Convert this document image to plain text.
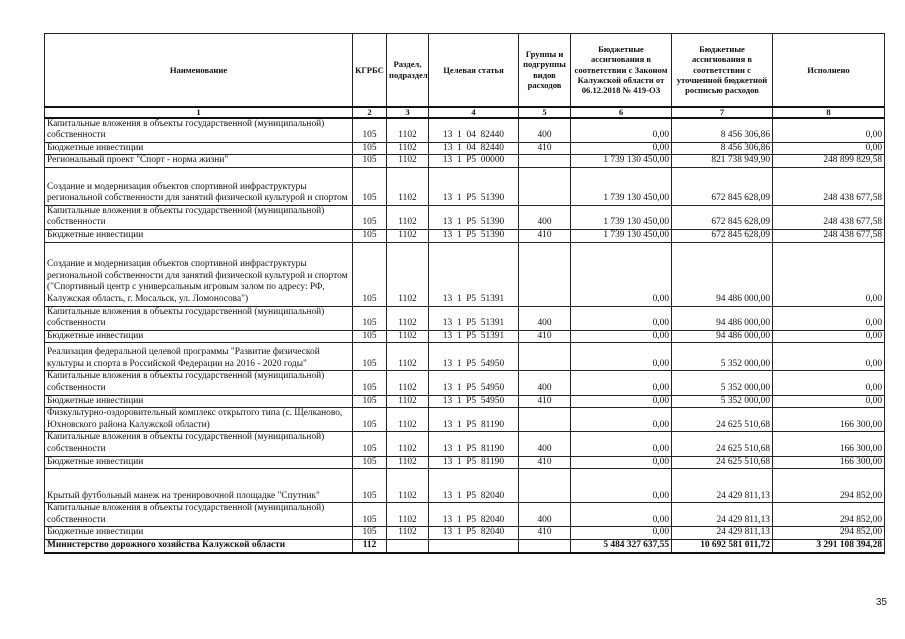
Наименование	КГРБС	Раздел, подраздел	Целевая статья	Группы и подгруппы видов расходов	Бюджетные ассигнования в соответствии с Законом Калужской области от 06.12.2018 № 419-ОЗ	Бюджетные ассигнования в соответствии с уточненной бюджетной росписью расходов	Исполнено
1	2	3	4	5	6	7	8
Капитальные вложения в объекты государственной (муниципальной) собственности	105	1102	13  1  04  82440	400	0,00	8 456 306,86	0,00
Бюджетные инвестиции	105	1102	13  1  04  82440	410	0,00	8 456 306,86	0,00
Региональный проект "Спорт - норма жизни"	105	1102	13  1  P5  00000		1 739 130 450,00	821 738 949,90	248 899 829,58
Создание и модернизация объектов спортивной инфраструктуры региональной собственности для занятий физической культурой и спортом	105	1102	13  1  P5  51390		1 739 130 450,00	672 845 628,09	248 438 677,58
Капитальные вложения в объекты государственной (муниципальной) собственности	105	1102	13  1  P5  51390	400	1 739 130 450,00	672 845 628,09	248 438 677,58
Бюджетные инвестиции	105	1102	13  1  P5  51390	410	1 739 130 450,00	672 845 628,09	248 438 677,58
Создание и модернизация объектов спортивной инфраструктуры региональной собственности для занятий физической культурой и спортом ("Спортивный центр с универсальным игровым залом по адресу: РФ, Калужская область, г. Мосальск, ул. Ломоносова")	105	1102	13  1  P5  51391		0,00	94 486 000,00	0,00
Капитальные вложения в объекты государственной (муниципальной) собственности	105	1102	13  1  P5  51391	400	0,00	94 486 000,00	0,00
Бюджетные инвестиции	105	1102	13  1  P5  51391	410	0,00	94 486 000,00	0,00
Реализация федеральной целевой программы "Развитие физической культуры и спорта в Российской Федерации на 2016 - 2020 годы"	105	1102	13  1  P5  54950		0,00	5 352 000,00	0,00
Капитальные вложения в объекты государственной (муниципальной) собственности	105	1102	13  1  P5  54950	400	0,00	5 352 000,00	0,00
Бюджетные инвестиции	105	1102	13  1  P5  54950	410	0,00	5 352 000,00	0,00
Физкультурно-оздоровительный комплекс открытого типа (с. Щелканово, Юхновского района Калужской области)	105	1102	13  1  P5  81190		0,00	24 625 510,68	166 300,00
Капитальные вложения в объекты государственной (муниципальной) собственности	105	1102	13  1  P5  81190	400	0,00	24 625 510,68	166 300,00
Бюджетные инвестиции	105	1102	13  1  P5  81190	410	0,00	24 625 510,68	166 300,00
Крытый футбольный манеж на тренировочной площадке "Спутник"	105	1102	13  1  P5  82040		0,00	24 429 811,13	294 852,00
Капитальные вложения в объекты государственной (муниципальной) собственности	105	1102	13  1  P5  82040	400	0,00	24 429 811,13	294 852,00
Бюджетные инвестиции	105	1102	13  1  P5  82040	410	0,00	24 429 811,13	294 852,00
Министерство дорожного хозяйства Калужской области	112				5 484 327 637,55	10 692 581 011,72	3 291 108 394,28
35
